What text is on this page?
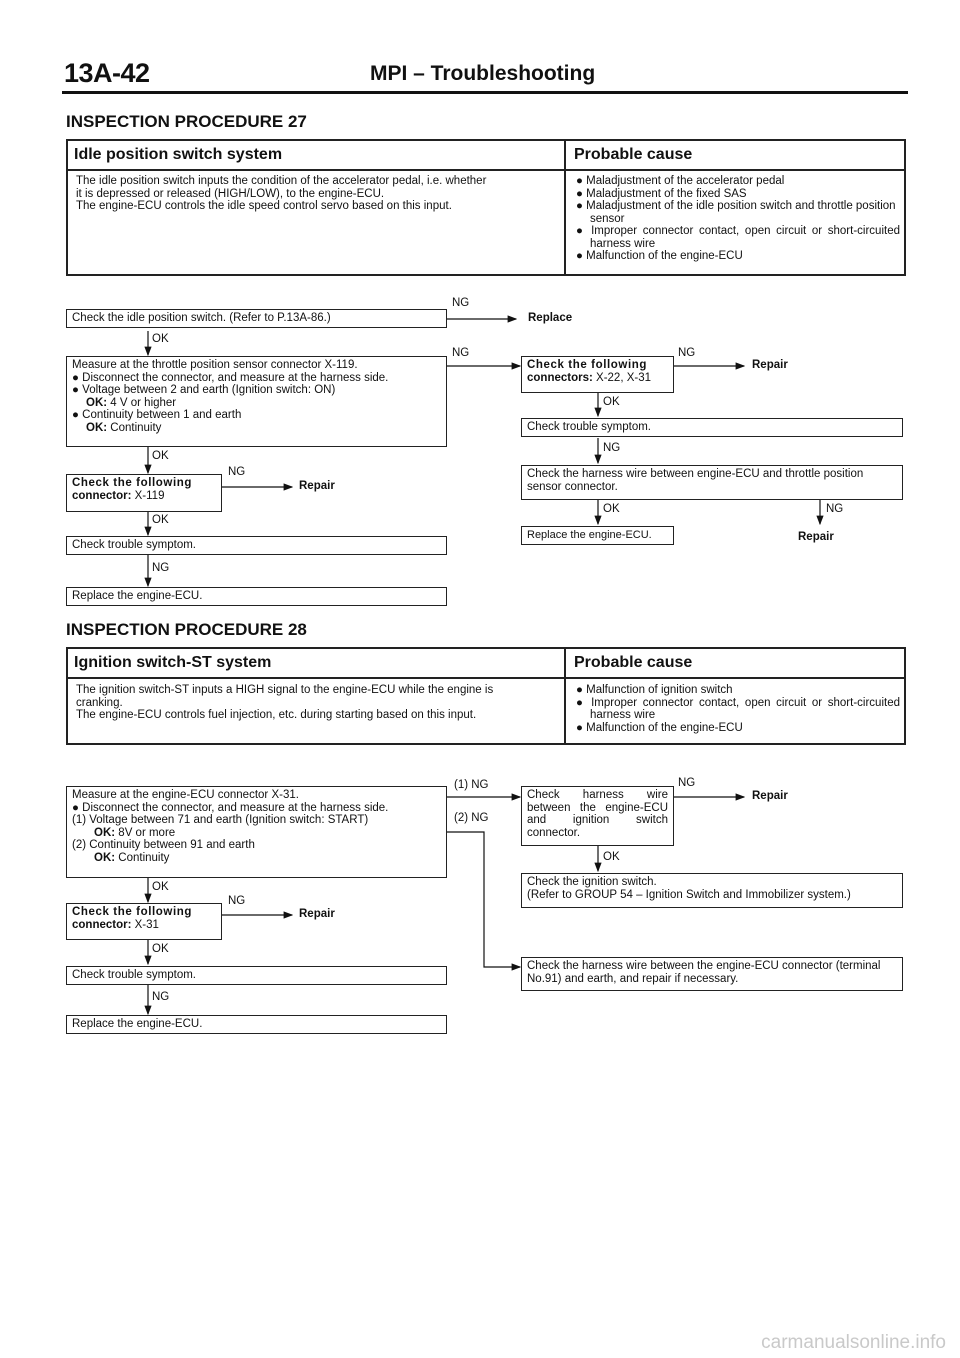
13A-42	MPI – Troubleshooting
INSPECTION PROCEDURE 27
Idle position switch system	Probable cause
The idle position switch inputs the condition of the accelerator pedal, i.e. whether
it is depressed or released (HIGH/LOW), to the engine-ECU.
The engine-ECU controls the idle speed control servo based on this input.
● Maladjustment of the accelerator pedal
● Maladjustment of the fixed SAS
● Maladjustment of the idle position switch and throttle position sensor
● Improper connector contact, open circuit or short-circuited harness wire
● Malfunction of the engine-ECU
Check the idle position switch. (Refer to P.13A-86.)
NG
Replace
OK
Measure at the throttle position sensor connector X-119.
● Disconnect the connector, and measure at the harness side.
● Voltage between 2 and earth (Ignition switch: ON)
OK: 4 V or higher
● Continuity between 1 and earth
OK: Continuity
NG
OK
Check the following
connector: X-119
NG
Repair
OK
Check trouble symptom.
NG
Replace the engine-ECU.
Check the following
connectors: X-22, X-31
NG
Repair
OK
Check trouble symptom.
NG
Check the harness wire between engine-ECU and throttle position sensor connector.
OK	NG
Replace the engine-ECU.	Repair
INSPECTION PROCEDURE 28
Ignition switch-ST system	Probable cause
The ignition switch-ST inputs a HIGH signal to the engine-ECU while the engine is
cranking.
The engine-ECU controls fuel injection, etc. during starting based on this input.
● Malfunction of ignition switch
● Improper connector contact, open circuit or short-circuited harness wire
● Malfunction of the engine-ECU
Measure at the engine-ECU connector X-31.
● Disconnect the connector, and measure at the harness side.
(1) Voltage between 71 and earth (Ignition switch: START)
OK: 8V or more
(2) Continuity between 91 and earth
OK: Continuity
(1) NG
(2) NG
OK
Check the following
connector: X-31
NG
Repair
OK
Check trouble symptom.
NG
Replace the engine-ECU.
Check harness wire between the engine-ECU and ignition switch connector.
NG
Repair
OK
Check the ignition switch.
(Refer to GROUP 54 – Ignition Switch and Immobilizer system.)
Check the harness wire between the engine-ECU connector (terminal No.91) and earth, and repair if necessary.
carmanualsonline.info
